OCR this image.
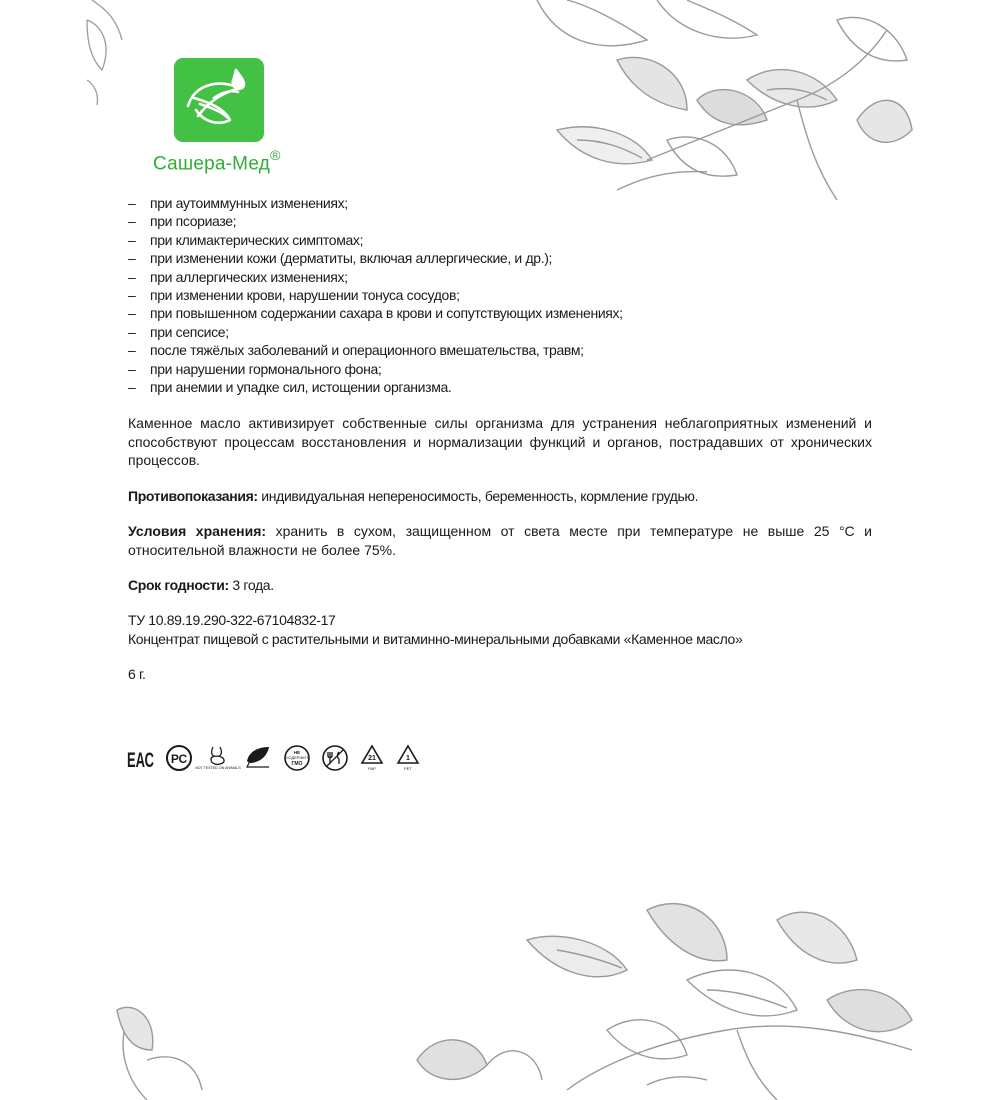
Сашера-Мед®
– при аутоиммунных изменениях;
– при псориазе;
– при климактерических симптомах;
– при изменении кожи (дерматиты, включая аллергические, и др.);
– при аллергических изменениях;
– при изменении крови, нарушении тонуса сосудов;
– при повышенном содержании сахара в крови и сопутствующих изменениях;
– при сепсисе;
– после тяжёлых заболеваний и операционного вмешательства, травм;
– при нарушении гормонального фона;
– при анемии и упадке сил, истощении организма.

Каменное масло активизирует собственные силы организма для устранения неблагоприятных изменений и способствуют процессам восстановления и нормализации функций и органов, пострадавших от хронических процессов.

Противопоказания: индивидуальная непереносимость, беременность, кормление грудью.

Условия хранения: хранить в сухом, защищенном от света месте при температуре не выше 25 °С и относительной влажности не более 75%.

Срок годности: 3 года.

ТУ 10.89.19.290-322-67104832-17

Концентрат пищевой с растительными и витаминно-минеральными добавками «Каменное масло»

6 г.

ЕАС РС
NOT TESTED ON ANIMALS
НЕ
СОДЕРЖИТ
ГМО
21
PAP
1
PET
